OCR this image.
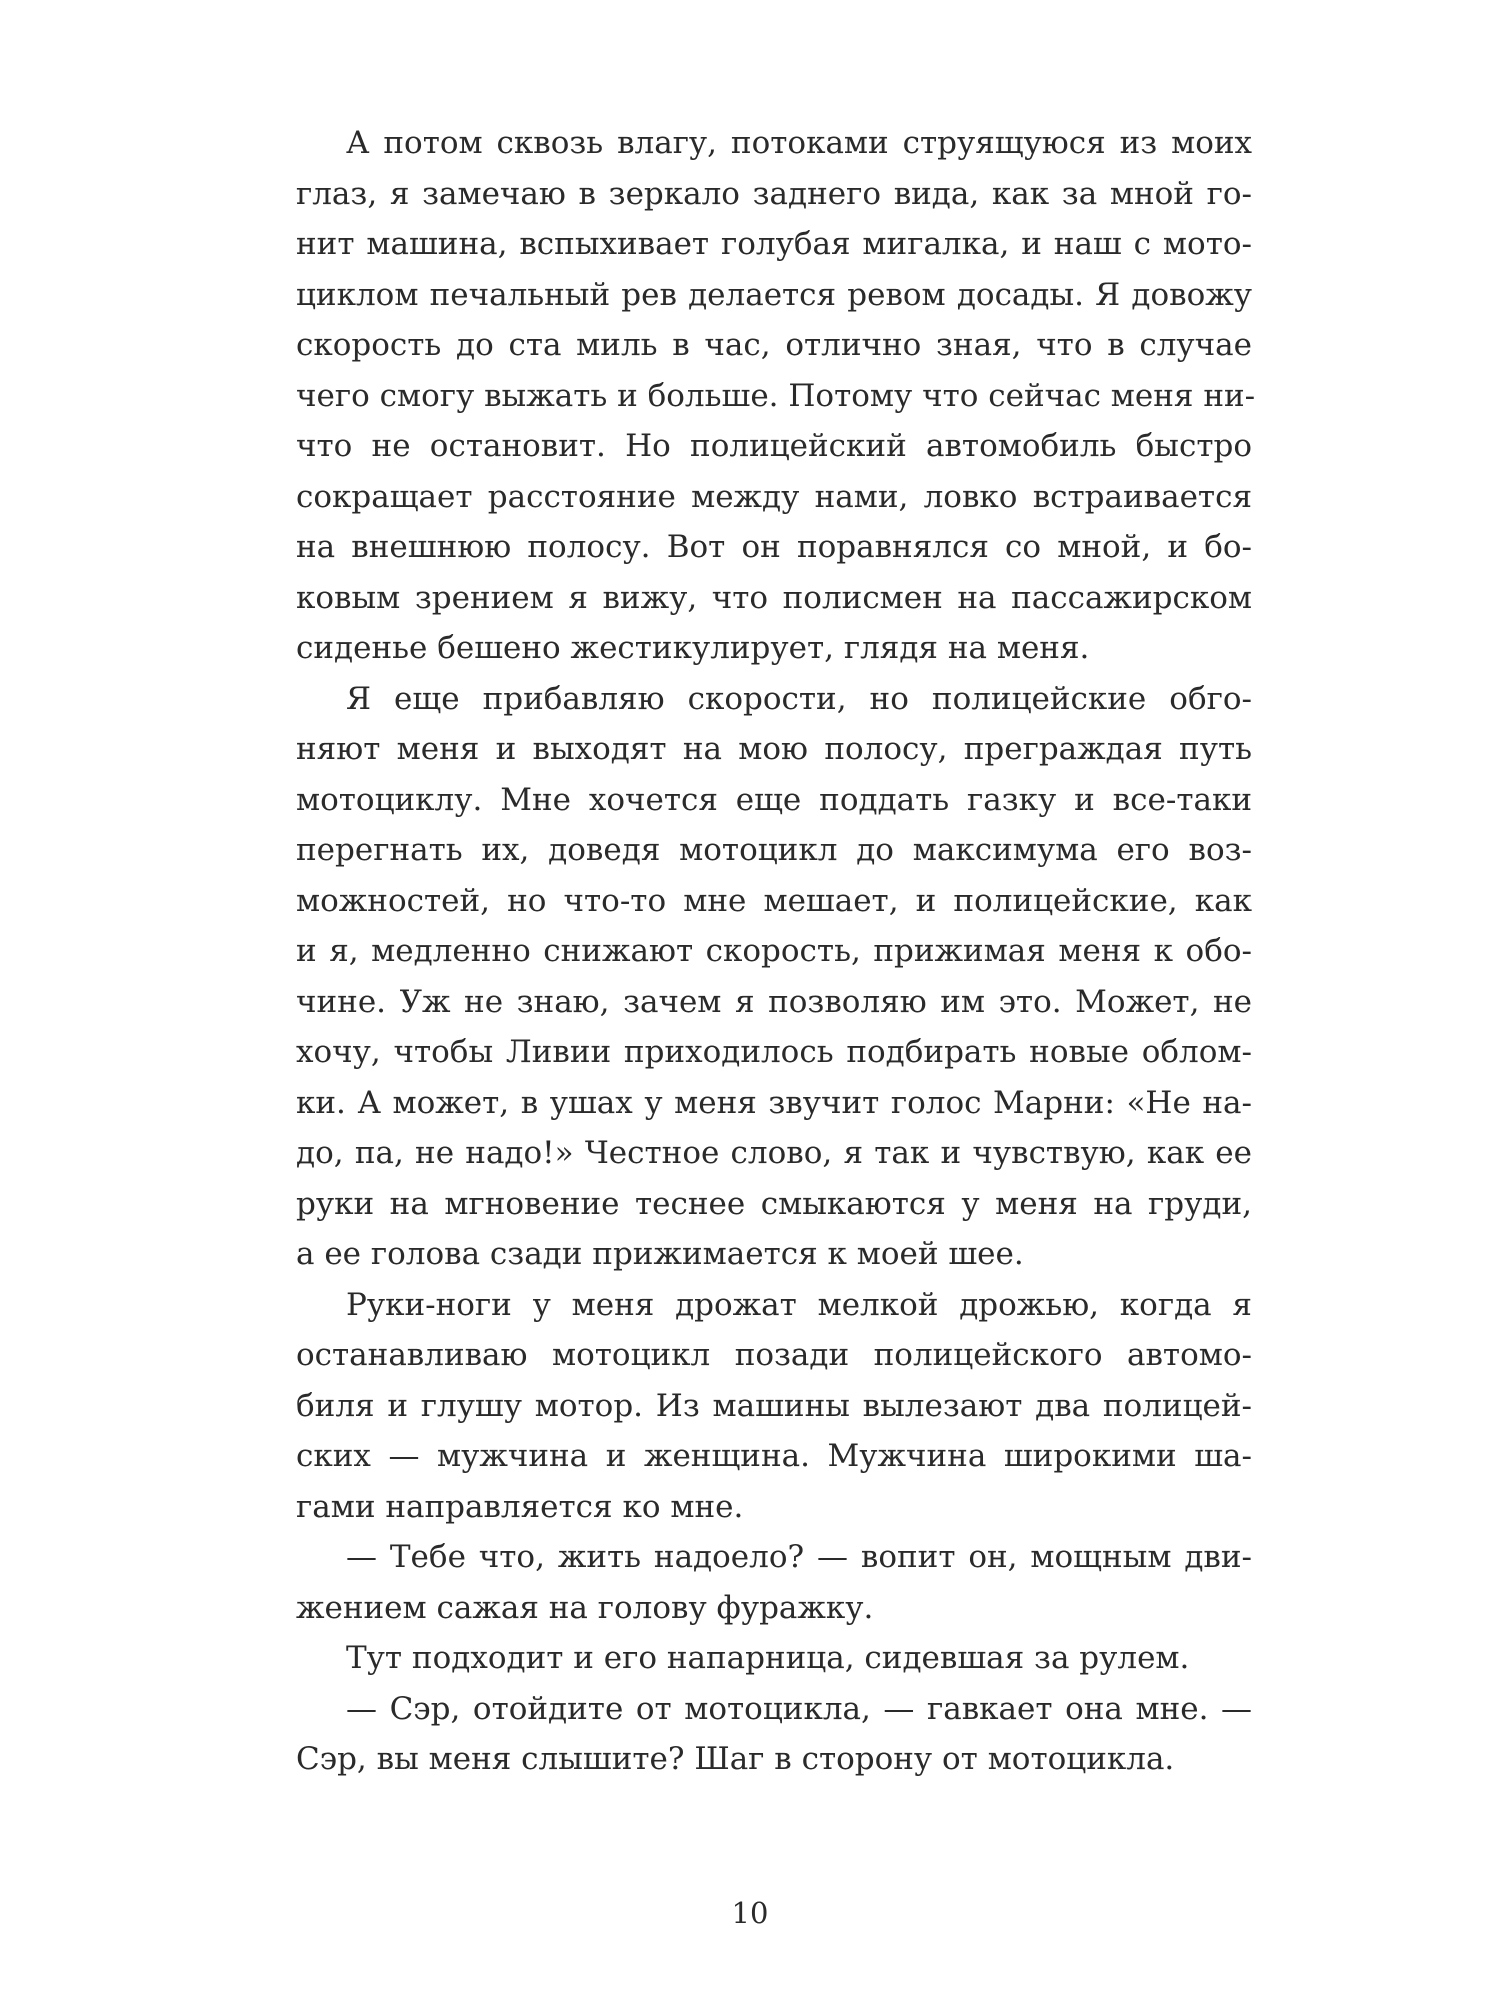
А потом сквозь влагу, потоками струящуюся из моих
глаз, я замечаю в зеркало заднего вида, как за мной го-
нит машина, вспыхивает голубая мигалка, и наш с мото-
циклом печальный рев делается ревом досады. Я довожу
скорость до ста миль в час, отлично зная, что в случае
чего смогу выжать и больше. Потому что сейчас меня ни-
что не остановит. Но полицейский автомобиль быстро
сокращает расстояние между нами, ловко встраивается
на внешнюю полосу. Вот он поравнялся со мной, и бо-
ковым зрением я вижу, что полисмен на пассажирском
сиденье бешено жестикулирует, глядя на меня.
Я еще прибавляю скорости, но полицейские обго-
няют меня и выходят на мою полосу, преграждая путь
мотоциклу. Мне хочется еще поддать газку и все-таки
перегнать их, доведя мотоцикл до максимума его воз-
можностей, но что-то мне мешает, и полицейские, как
и я, медленно снижают скорость, прижимая меня к обо-
чине. Уж не знаю, зачем я позволяю им это. Может, не
хочу, чтобы Ливии приходилось подбирать новые облом-
ки. А может, в ушах у меня звучит голос Марни: «Не на-
до, па, не надо!» Честное слово, я так и чувствую, как ее
руки на мгновение теснее смыкаются у меня на груди,
а ее голова сзади прижимается к моей шее.
Руки-ноги у меня дрожат мелкой дрожью, когда я
останавливаю мотоцикл позади полицейского автомо-
биля и глушу мотор. Из машины вылезают два полицей-
ских — мужчина и женщина. Мужчина широкими ша-
гами направляется ко мне.
— Тебе что, жить надоело? — вопит он, мощным дви-
жением сажая на голову фуражку.
Тут подходит и его напарница, сидевшая за рулем.
— Сэр, отойдите от мотоцикла, — гавкает она мне. —
Сэр, вы меня слышите? Шаг в сторону от мотоцикла.
10
